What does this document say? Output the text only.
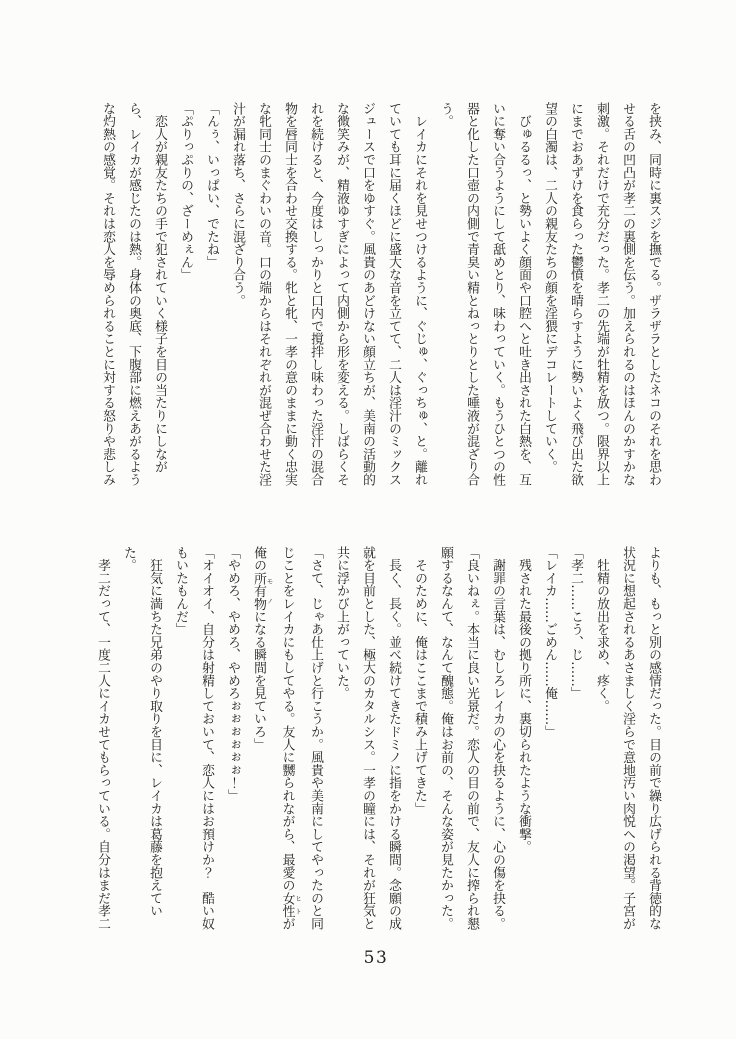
を挟み、同時に裏スジを撫でる。ザラザラとしたネコのそれを思わ

せる舌の凹凸が孝二の裏側を伝う。加えられるのはほんのかすかな

刺激。それだけで充分だった。孝二の先端が牡精を放つ。限界以上

にまでおあずけを食らった鬱憤を晴らすように勢いよく飛び出た欲

望の白濁は、二人の親友たちの顔を淫猥にデコレートしていく。

　びゅるるっ、と勢いよく顔面や口腔へと吐き出された白熱を、互

いに奪い合うようにして舐めとり、味わっていく。もうひとつの性

器と化した口壺の内側で青臭い精とねっとりとした唾液が混ざり合

う。

　レイカにそれを見せつけるように、ぐじゅ、ぐっちゅ、と。離れ

ていても耳に届くほどに盛大な音を立てて、二人は淫汁のミックス

ジュースで口をゆすぐ。風貴のあどけない顔立ちが、美南の活動的

な微笑みが、精液ゆすぎによって内側から形を変える。しばらくそ

れを続けると、今度はしっかりと口内で撹拌し味わった淫汁の混合

物を唇同士を合わせ交換する。牝と牝、一孝の意のままに動く忠実

な牝同士のまぐわいの音。口の端からはそれぞれが混ぜ合わせた淫

汁が漏れ落ち、さらに混ざり合う。

「んぅ、いっぱい、でたね」

「ぷりっぷりの、ざーめぇん」

　恋人が親友たちの手で犯されていく様子を目の当たりにしなが

ら、レイカが感じたのは熱。身体の奥底、下腹部に燃えあがるよう

な灼熱の感覚。それは恋人を辱められることに対する怒りや悲しみ

よりも、もっと別の感情だった。目の前で繰り広げられる背徳的な

状況に想起されるあさましく淫らで意地汚い肉悦への渇望。子宮が

　牡精の放出を求め、疼く。

「孝二……こう、じ……」

「レイカ……ごめん……俺……」

　残された最後の拠り所に、裏切られたような衝撃。

　謝罪の言葉は、むしろレイカの心を抉るように、心の傷を抉る。

「良いねぇ。本当に良い光景だ。恋人の目の前で、友人に搾られ懇

願するなんて、なんて醜態。俺はお前の、そんな姿が見たかった。

　そのために、俺はここまで積み上げてきた」

　長く、長く。並べ続けてきたドミノに指をかける瞬間。念願の成

就を目前とした、極大のカタルシス。一孝の瞳には、それが狂気と

共に浮かび上がっていた。

「さて、じゃあ仕上げと行こうか。風貴や美南にしてやったのと同

じことをレイカにもしてやる。友人に嬲られながら、最愛の女性 ヒトが

俺の所有物 モノになる瞬間を見ていろ」

「やめろ、やめろ、やめろぉぉぉぉぉぉ！」

「オイオイ、自分は射精しておいて、恋人にはお預けか？　酷い奴

もいたもんだ」

　狂気に満ちた兄弟のやり取りを目に、レイカは葛藤を抱えてい

た。

　孝二だって、一度二人にイカせてもらっている。自分はまだ孝二

53
